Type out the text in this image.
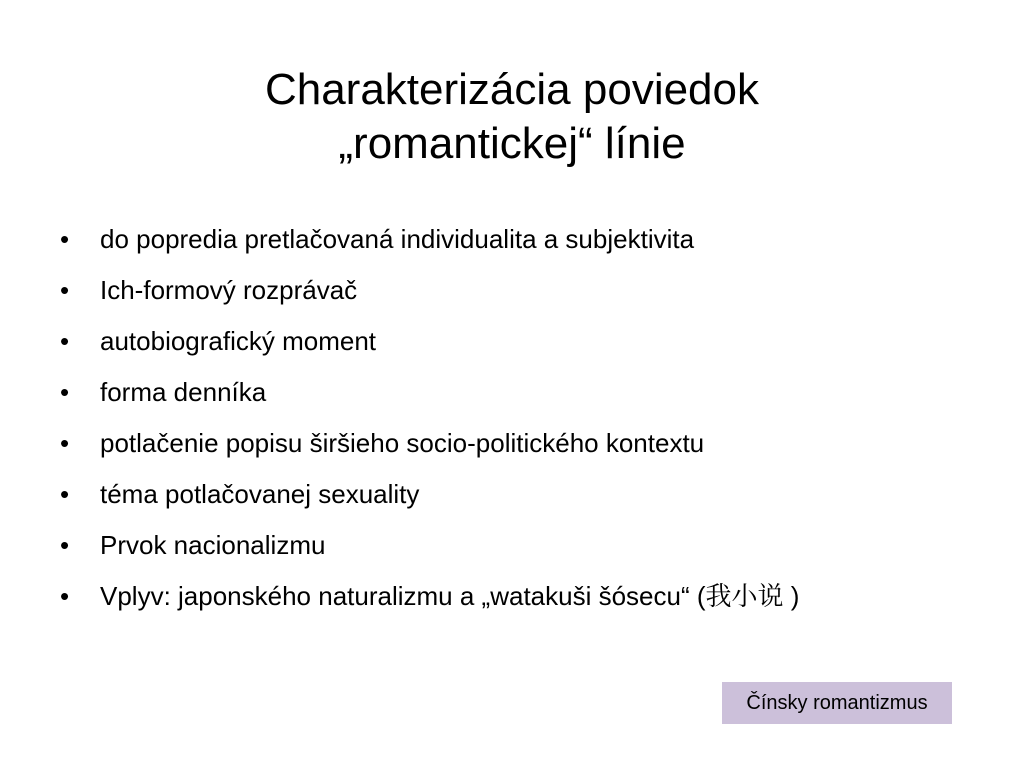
Charakterizácia poviedok
„romantickej“ línie
•	do popredia pretlačovaná individualita a subjektivita
•	Ich-formový rozprávač
•	autobiografický moment
•	forma denníka
•	potlačenie popisu širšieho socio-politického kontextu
•	téma potlačovanej sexuality
•	Prvok nacionalizmu
•	Vplyv: japonského naturalizmu a „watakuši šósecu“ (我小说 )
Čínsky romantizmus
